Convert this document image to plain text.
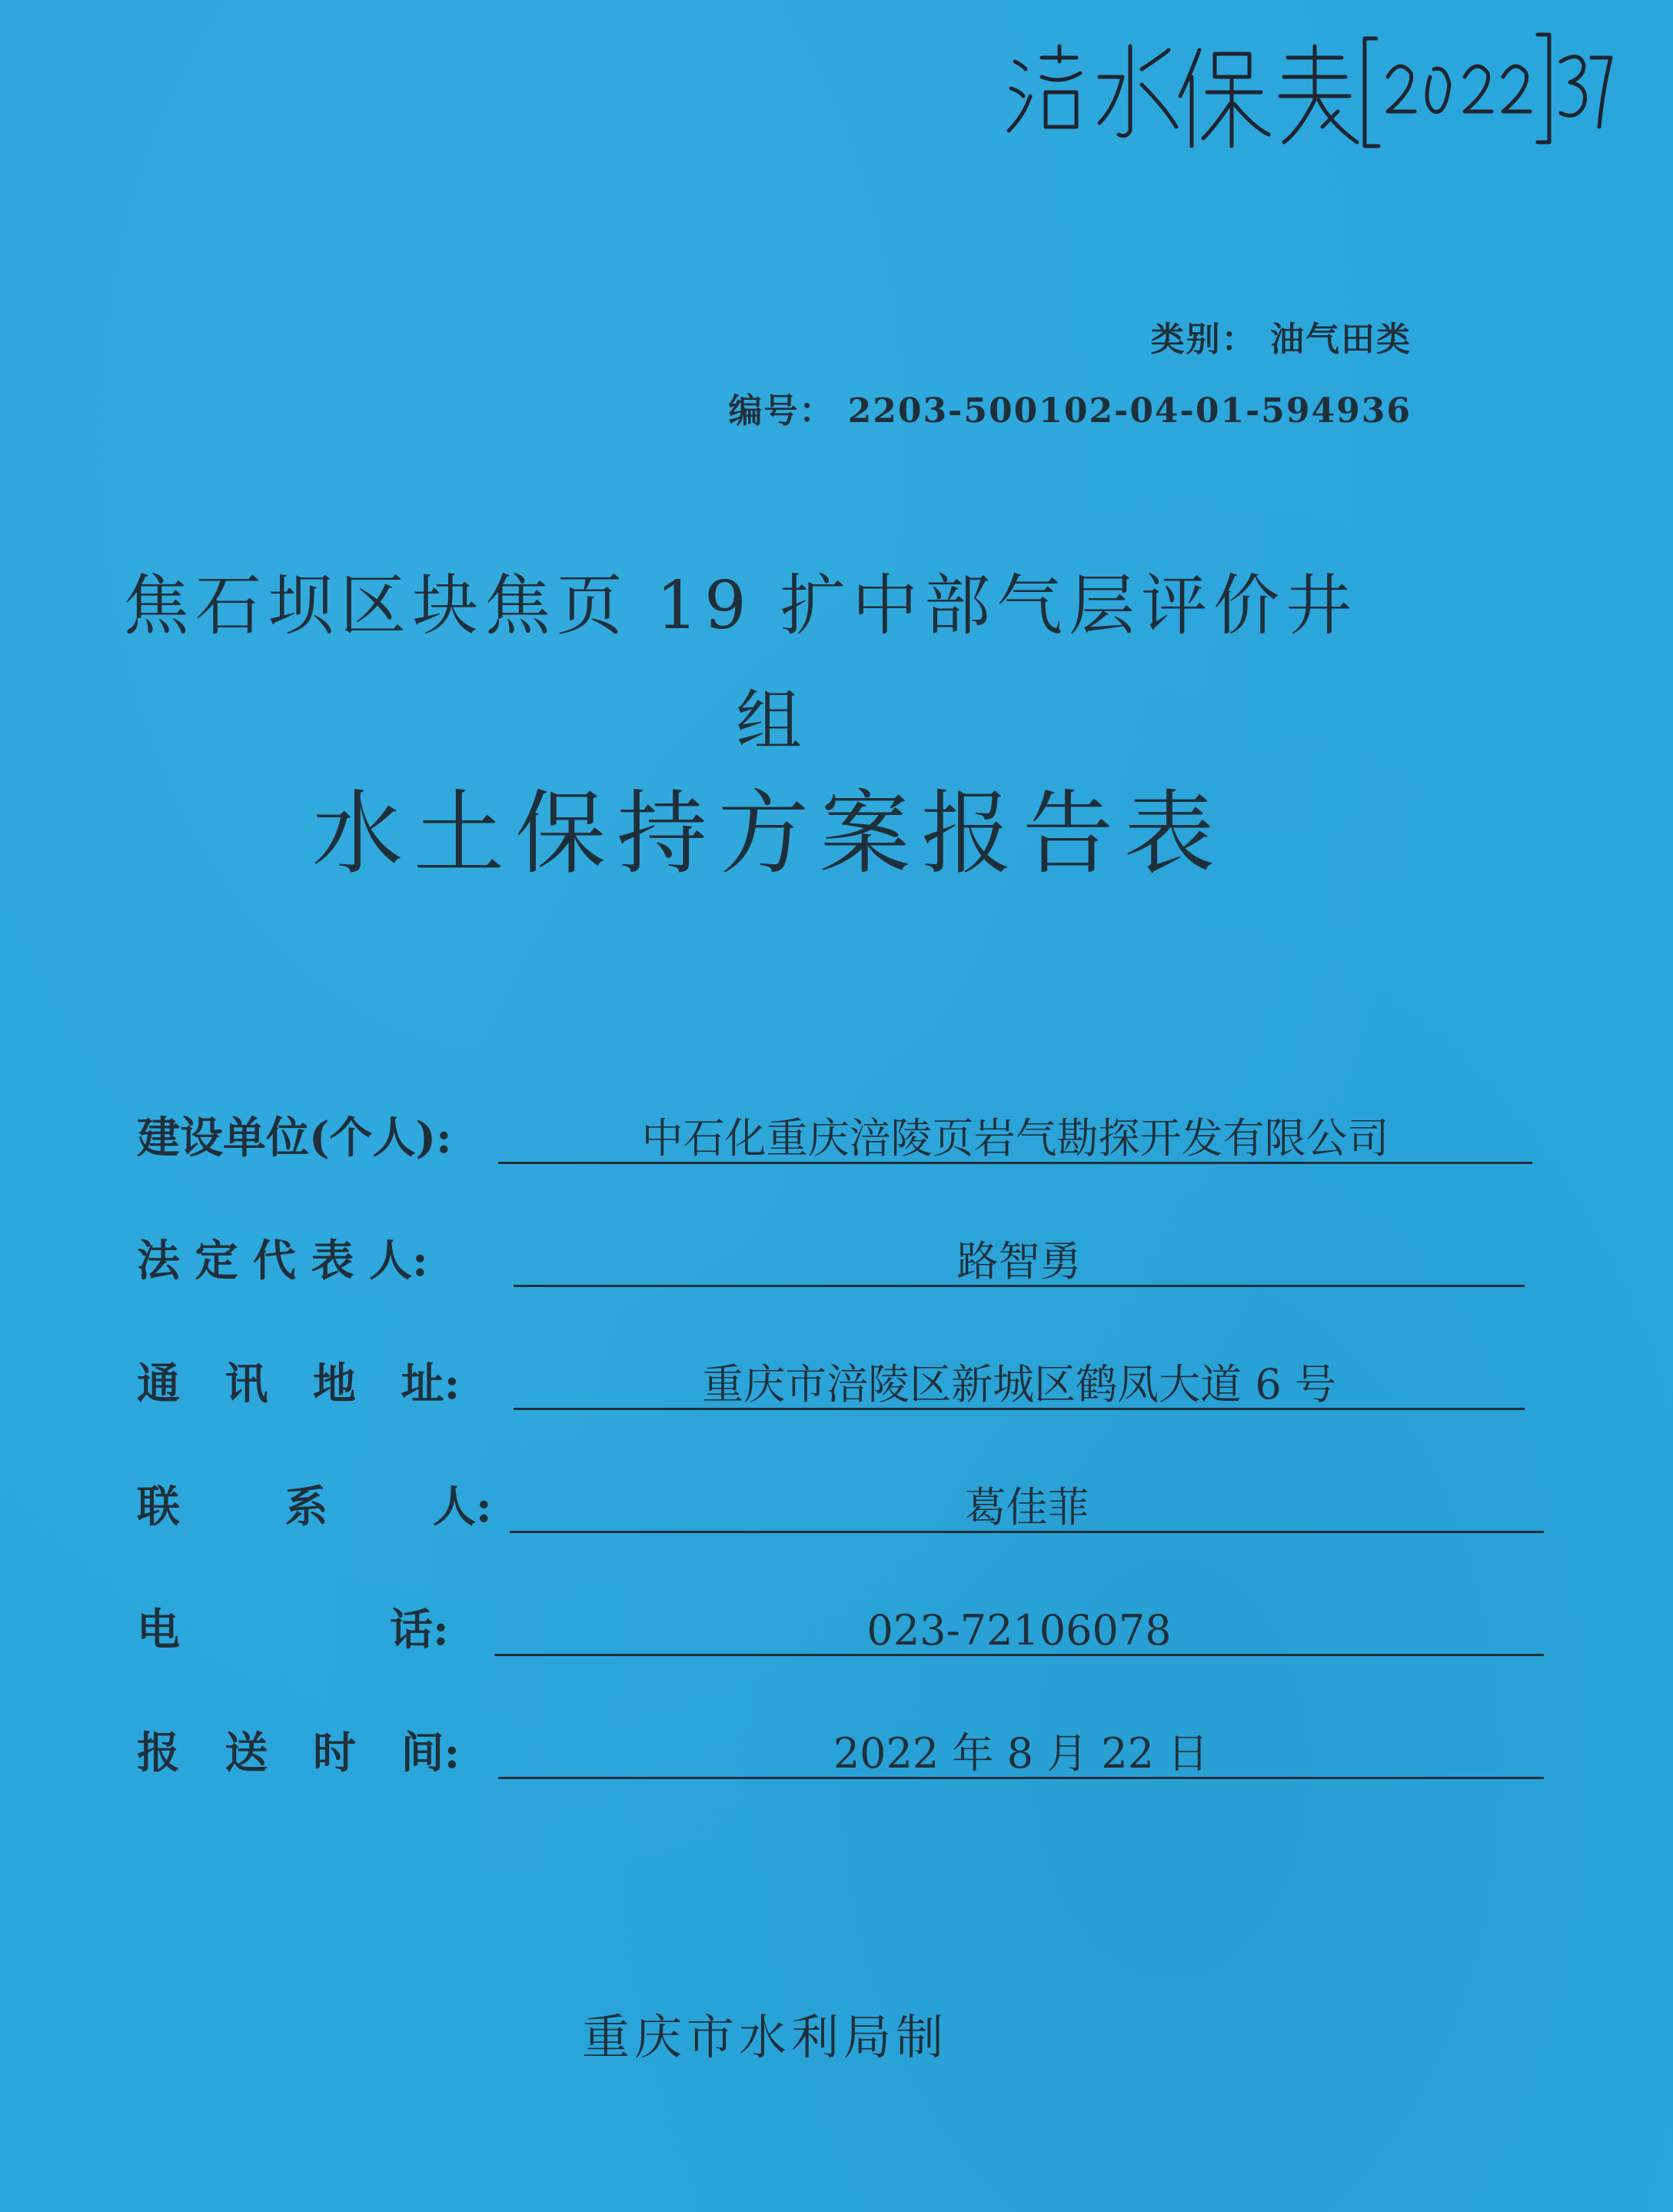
类别： 油气田类
编号： 2203-500102-04-01-594936
焦石坝区块焦页 19 扩中部气层评价井
组
水土保持方案报告表
建设单位(个人):	中石化重庆涪陵页岩气勘探开发有限公司
法 定 代 表 人:	路智勇
通   讯   地   址:	重庆市涪陵区新城区鹤凤大道 6 号
联       系       人:	葛佳菲
电              话:	023-72106078
报   送   时   间:	2022 年 8 月 22 日
重庆市水利局制
